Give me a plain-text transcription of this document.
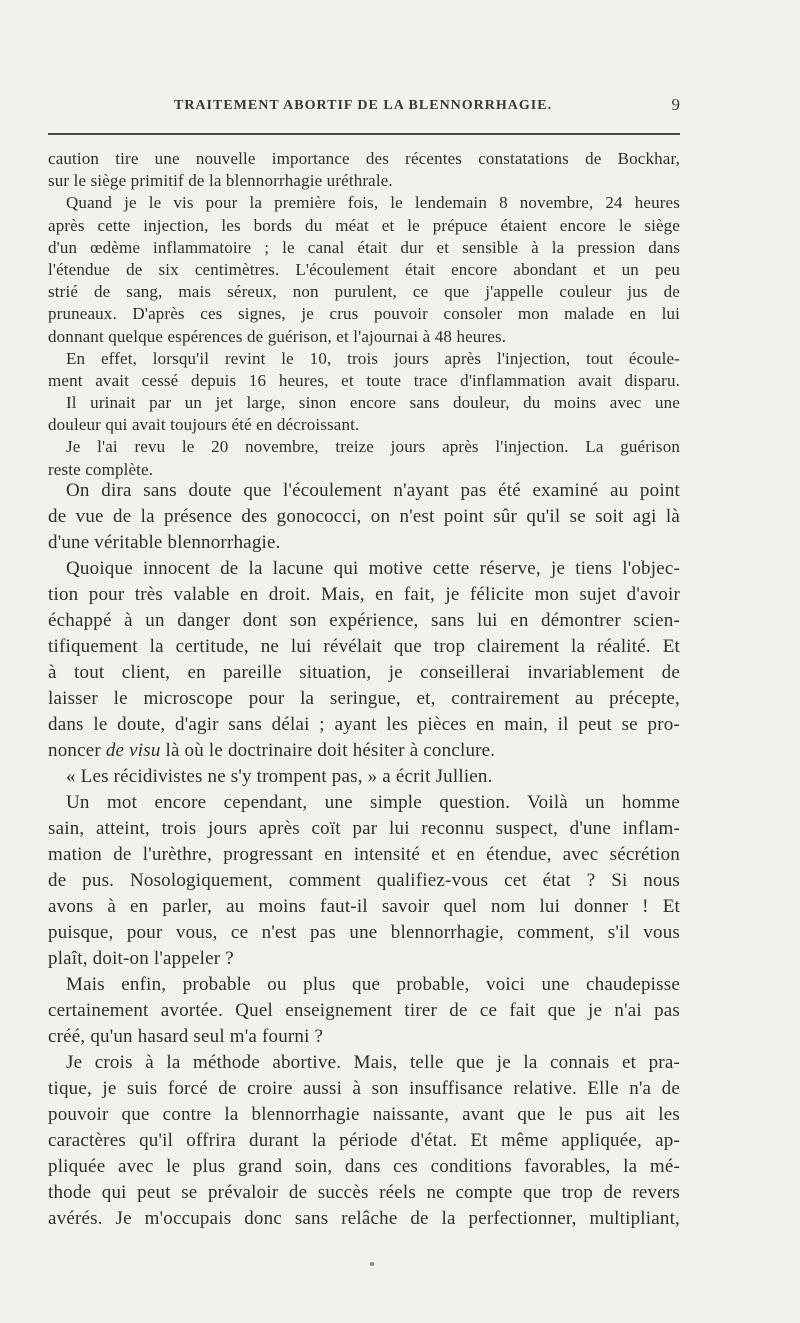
TRAITEMENT ABORTIF DE LA BLENNORRHAGIE.	9
caution tire une nouvelle importance des récentes constatations de Bockhar,
sur le siège primitif de la blennorrhagie uréthrale.
Quand je le vis pour la première fois, le lendemain 8 novembre, 24 heures
après cette injection, les bords du méat et le prépuce étaient encore le siège
d'un œdème inflammatoire ; le canal était dur et sensible à la pression dans
l'étendue de six centimètres. L'écoulement était encore abondant et un peu
strié de sang, mais séreux, non purulent, ce que j'appelle couleur jus de
pruneaux. D'après ces signes, je crus pouvoir consoler mon malade en lui
donnant quelque espérences de guérison, et l'ajournai à 48 heures.
En effet, lorsqu'il revint le 10, trois jours après l'injection, tout écoule-
ment avait cessé depuis 16 heures, et toute trace d'inflammation avait disparu.
Il urinait par un jet large, sinon encore sans douleur, du moins avec une
douleur qui avait toujours été en décroissant.
Je l'ai revu le 20 novembre, treize jours après l'injection. La guérison
reste complète.
On dira sans doute que l'écoulement n'ayant pas été examiné au point
de vue de la présence des gonococci, on n'est point sûr qu'il se soit agi là
d'une véritable blennorrhagie.
Quoique innocent de la lacune qui motive cette réserve, je tiens l'objec-
tion pour très valable en droit. Mais, en fait, je félicite mon sujet d'avoir
échappé à un danger dont son expérience, sans lui en démontrer scien-
tifiquement la certitude, ne lui révélait que trop clairement la réalité. Et
à tout client, en pareille situation, je conseillerai invariablement de
laisser le microscope pour la seringue, et, contrairement au précepte,
dans le doute, d'agir sans délai ; ayant les pièces en main, il peut se pro-
noncer de visu là où le doctrinaire doit hésiter à conclure.
« Les récidivistes ne s'y trompent pas, » a écrit Jullien.
Un mot encore cependant, une simple question. Voilà un homme
sain, atteint, trois jours après coït par lui reconnu suspect, d'une inflam-
mation de l'urèthre, progressant en intensité et en étendue, avec sécrétion
de pus. Nosologiquement, comment qualifiez-vous cet état ? Si nous
avons à en parler, au moins faut-il savoir quel nom lui donner ! Et
puisque, pour vous, ce n'est pas une blennorrhagie, comment, s'il vous
plaît, doit-on l'appeler ?
Mais enfin, probable ou plus que probable, voici une chaudepisse
certainement avortée. Quel enseignement tirer de ce fait que je n'ai pas
créé, qu'un hasard seul m'a fourni ?
Je crois à la méthode abortive. Mais, telle que je la connais et pra-
tique, je suis forcé de croire aussi à son insuffisance relative. Elle n'a de
pouvoir que contre la blennorrhagie naissante, avant que le pus ait les
caractères qu'il offrira durant la période d'état. Et même appliquée, ap-
pliquée avec le plus grand soin, dans ces conditions favorables, la mé-
thode qui peut se prévaloir de succès réels ne compte que trop de revers
avérés. Je m'occupais donc sans relâche de la perfectionner, multipliant,
